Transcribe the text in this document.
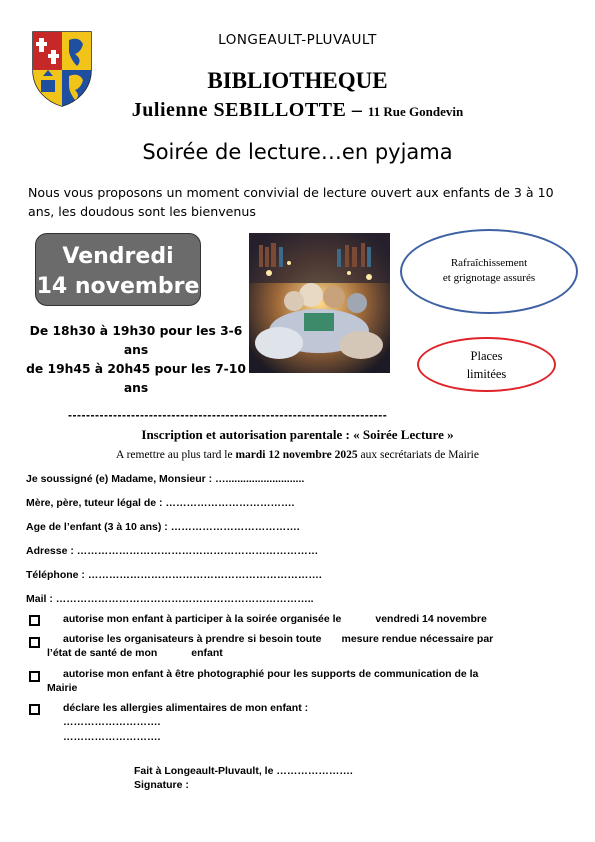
LONGEAULT-PLUVAULT
BIBLIOTHEQUE
Julienne SEBILLOTTE – 11 Rue Gondevin
Soirée de lecture…en pyjama
Nous vous proposons un moment convivial de lecture ouvert aux enfants de 3 à 10 ans, les doudous sont les bienvenus
Vendredi
14 novembre
De 18h30 à 19h30 pour les 3-6 ans
de 19h45 à 20h45 pour les 7-10 ans
Rafraîchissement
et grignotage assurés
Places
limitées
-----------------------------------------------------------------------
Inscription et autorisation parentale : « Soirée Lecture »
A remettre au plus tard le mardi 12 novembre 2025 aux secrétariats de Mairie
Je soussigné (e) Madame, Monsieur : …...........................
Mère, père, tuteur légal de : ……………………………….
Age de l’enfant (3 à 10 ans) : ……………………………….
Adresse : ……………………………………………………………
Téléphone : ………………………………………………………….
Mail : ………………………………………………………………..
autorise mon enfant à participer à la soirée organisée le	vendredi 14 novembre
autorise les organisateurs à prendre si besoin toute mesure rendue nécessaire par
l’état de santé de mon	enfant
autorise mon enfant à être photographié pour les supports de communication de la
Mairie
déclare les allergies alimentaires de mon enfant :
……………………….
……………………….
Fait à Longeault-Pluvault, le ………………….
Signature :
